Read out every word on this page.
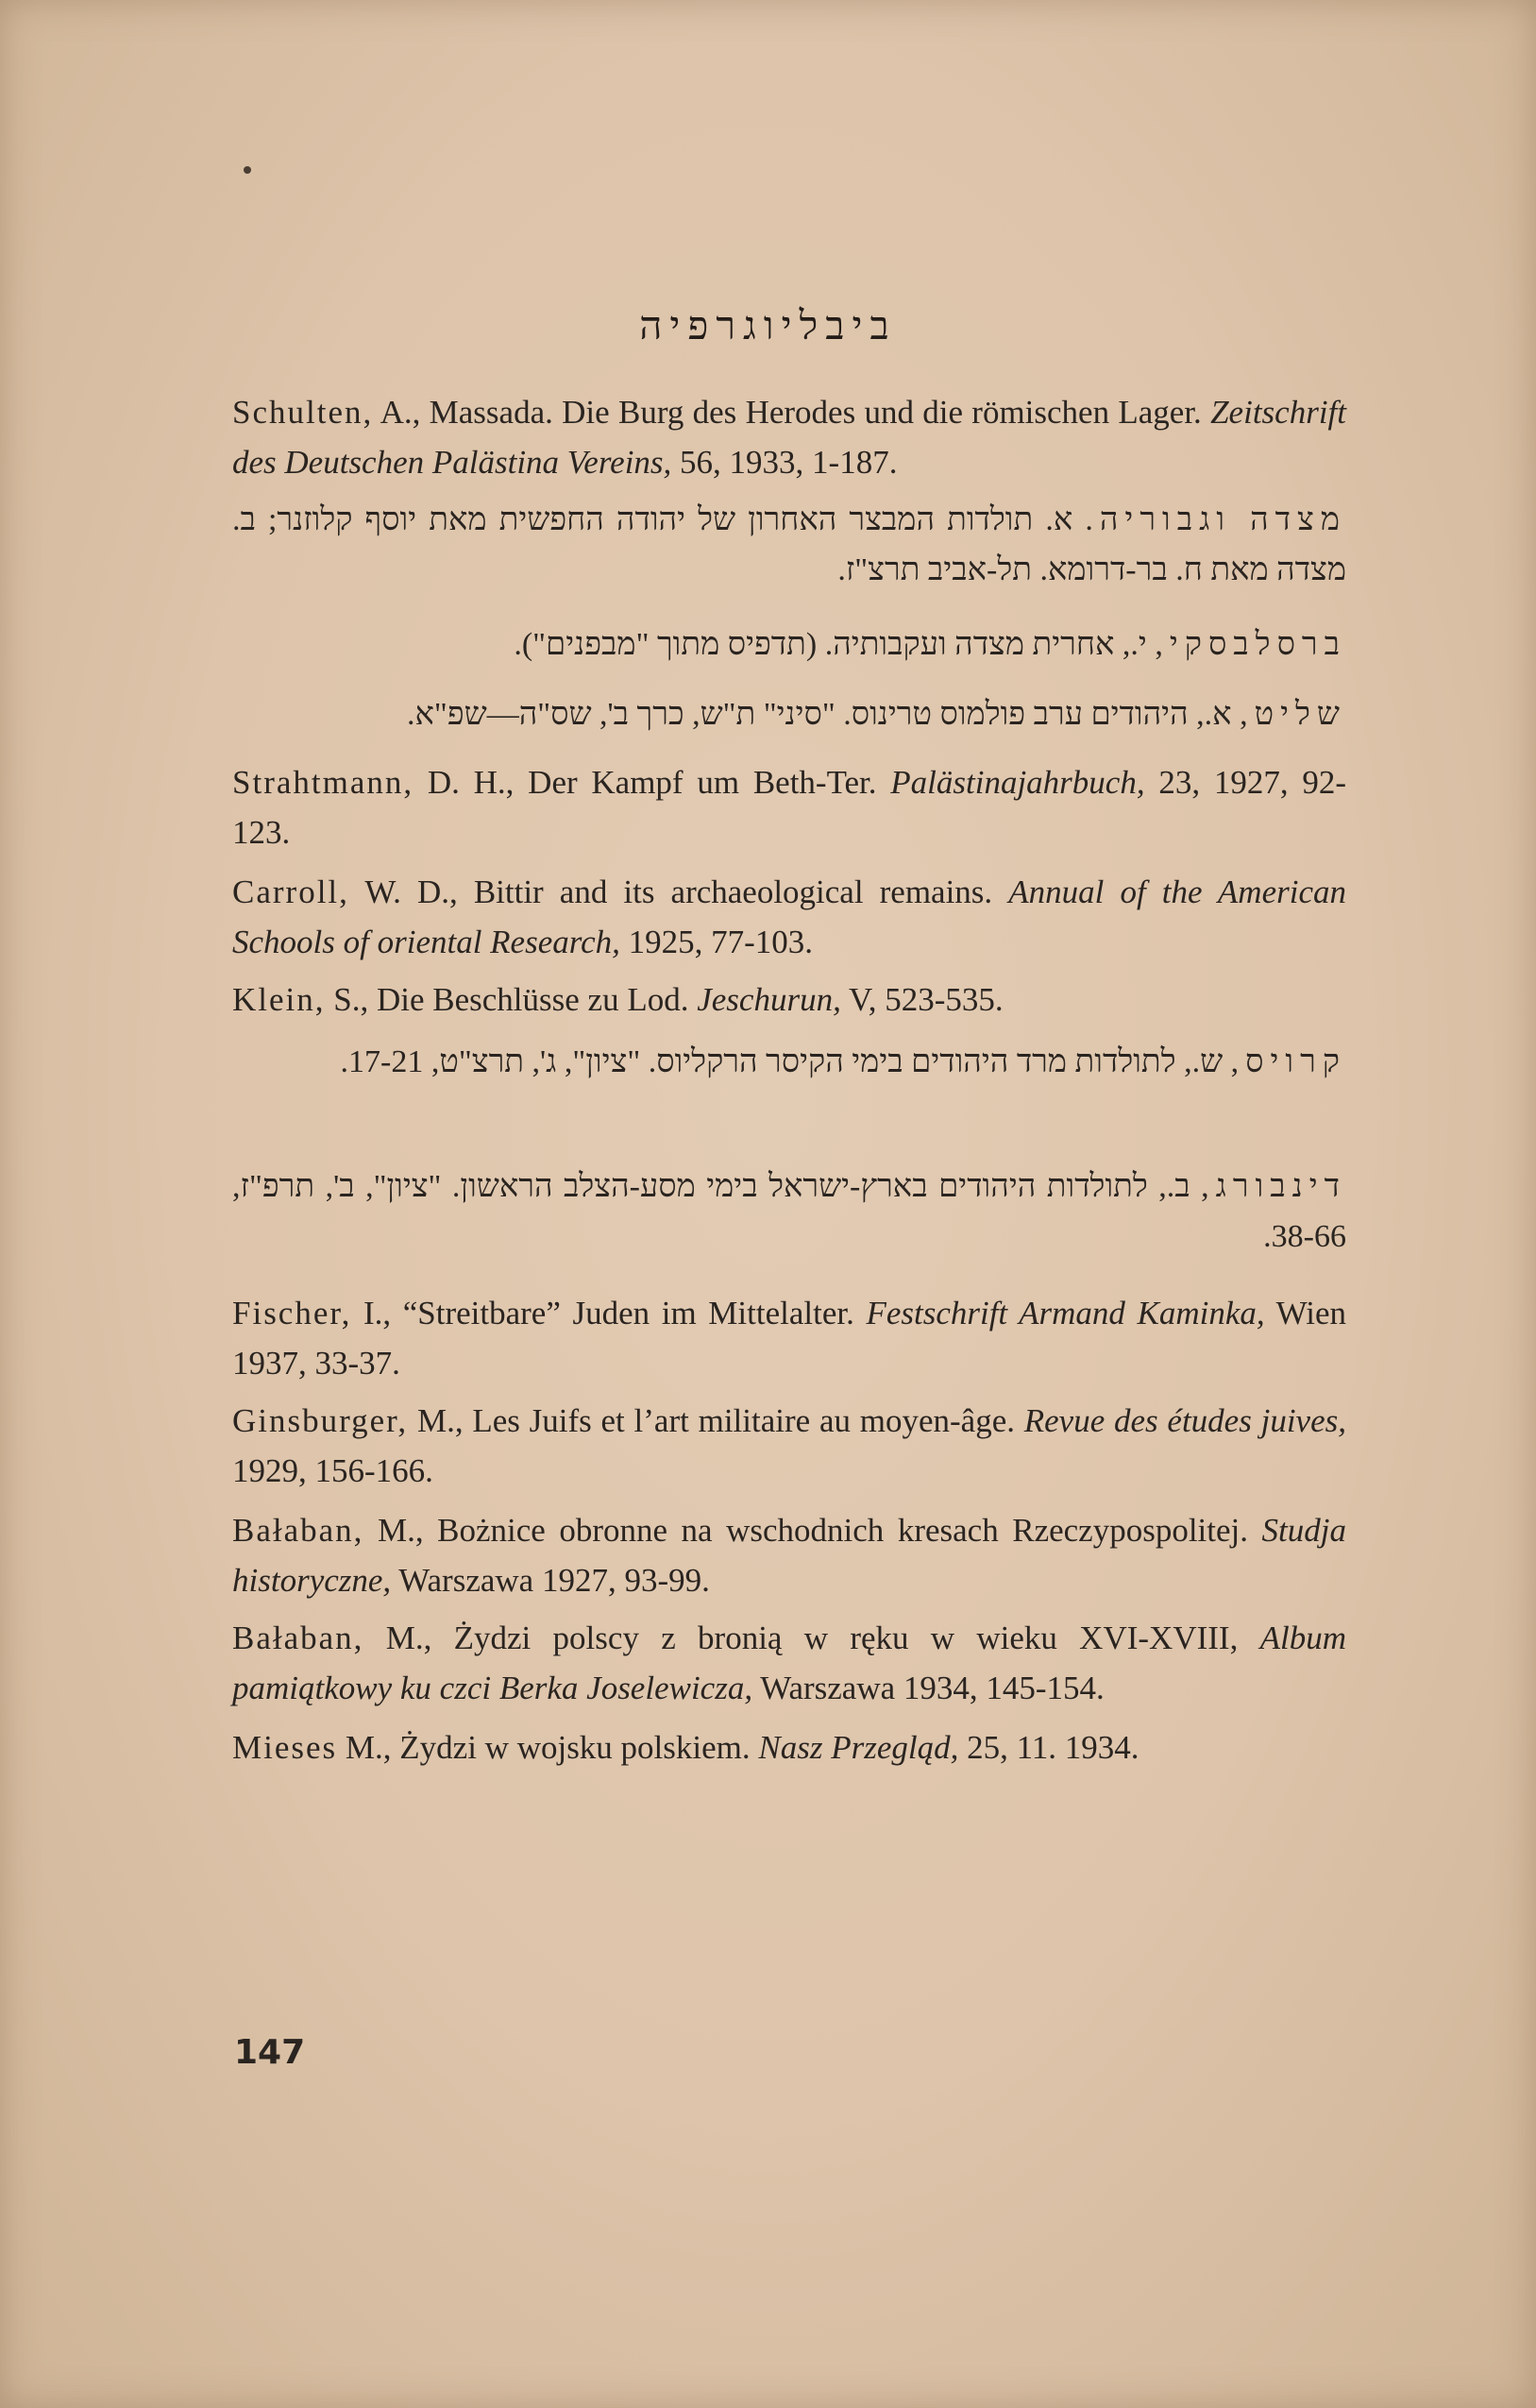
ביבליוגרפיה
Schulten, A., Massada. Die Burg des Herodes und die römischen Lager. Zeitschrift des Deutschen Palästina Vereins, 56, 1933, 1-187.
מצדה וגבוריה. א. תולדות המבצר האחרון של יהודה החפשית מאת יוסף קלוזנר; ב. מצדה מאת ח. בר-דרומא. תל-אביב תרצ"ז.
ברסלבסקי, י., אחרית מצדה ועקבותיה. (תדפיס מתוך "מבפנים").
שליט, א., היהודים ערב פולמוס טרינוס. "סיני" ת"ש, כרך ב', שס"ה—שפ"א.
Strahtmann, D. H., Der Kampf um Beth-Ter. Palästinajahrbuch, 23, 1927, 92-123.
Carroll, W. D., Bittir and its archaeological remains. Annual of the American Schools of oriental Research, 1925, 77-103.
Klein, S., Die Beschlüsse zu Lod. Jeschurun, V, 523-535.
קרויס, ש., לתולדות מרד היהודים בימי הקיסר הרקליוס. "ציון", ג', תרצ"ט, 17-21.
דינבורג, ב., לתולדות היהודים בארץ-ישראל בימי מסע-הצלב הראשון. "ציון", ב', תרפ"ז, 38-66.
Fischer, I., “Streitbare” Juden im Mittelalter. Festschrift Armand Kaminka, Wien 1937, 33-37.
Ginsburger, M., Les Juifs et l’art militaire au moyen-âge. Revue des études juives, 1929, 156-166.
Bałaban, M., Bożnice obronne na wschodnich kresach Rzeczypospolitej. Studja historyczne, Warszawa 1927, 93-99.
Bałaban, M., Żydzi polscy z bronią w ręku w wieku XVI-XVIII, Album pamiątkowy ku czci Berka Joselewicza, Warszawa 1934, 145-154.
Mieses M., Żydzi w wojsku polskiem. Nasz Przegląd, 25, 11. 1934.
147
